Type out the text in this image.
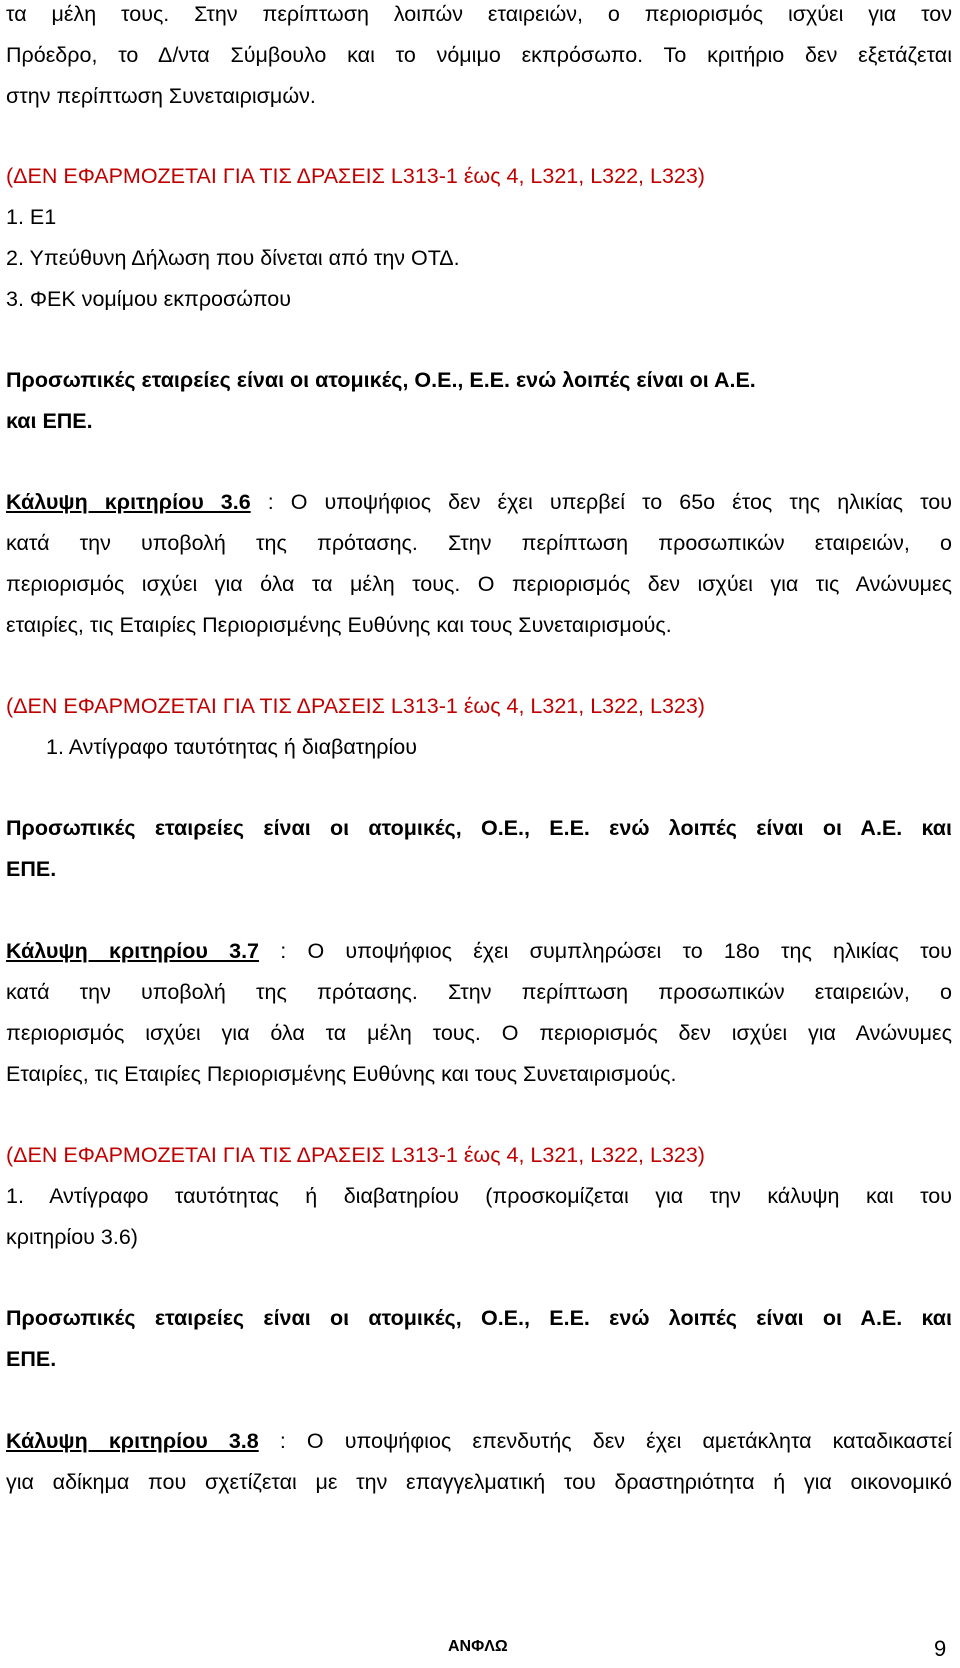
τα μέλη τους. Στην περίπτωση λοιπών εταιρειών, ο περιορισμός ισχύει για τον
Πρόεδρο, το Δ/ντα Σύμβουλο και το νόμιμο εκπρόσωπο. Το κριτήριο δεν εξετάζεται
στην περίπτωση Συνεταιρισμών.
(ΔΕΝ ΕΦΑΡΜΟΖΕΤΑΙ ΓΙΑ ΤΙΣ ΔΡΑΣΕΙΣ L313-1 έως 4, L321, L322, L323)
1. Ε1
2. Υπεύθυνη Δήλωση που δίνεται από την ΟΤΔ.
3. ΦΕΚ νομίμου εκπροσώπου
Προσωπικές εταιρείες είναι οι ατομικές, Ο.Ε., Ε.Ε. ενώ λοιπές είναι οι Α.Ε.
και ΕΠΕ.
Κάλυψη κριτηρίου 3.6 : Ο υποψήφιος δεν έχει υπερβεί το 65ο έτος της ηλικίας του
κατά την υποβολή της πρότασης. Στην περίπτωση προσωπικών εταιρειών, ο
περιορισμός ισχύει για όλα τα μέλη τους. Ο περιορισμός δεν ισχύει για τις Ανώνυμες
εταιρίες, τις Εταιρίες Περιορισμένης Ευθύνης και τους Συνεταιρισμούς.
(ΔΕΝ ΕΦΑΡΜΟΖΕΤΑΙ ΓΙΑ ΤΙΣ ΔΡΑΣΕΙΣ L313-1 έως 4, L321, L322, L323)
1. Αντίγραφο ταυτότητας ή διαβατηρίου
Προσωπικές εταιρείες είναι οι ατομικές, Ο.Ε., Ε.Ε. ενώ λοιπές είναι οι Α.Ε. και
ΕΠΕ.
Κάλυψη κριτηρίου 3.7 : Ο υποψήφιος έχει συμπληρώσει το 18ο της ηλικίας του
κατά την υποβολή της πρότασης. Στην περίπτωση προσωπικών εταιρειών, ο
περιορισμός ισχύει για όλα τα μέλη τους. Ο περιορισμός δεν ισχύει για Ανώνυμες
Εταιρίες, τις Εταιρίες Περιορισμένης Ευθύνης και τους Συνεταιρισμούς.
(ΔΕΝ ΕΦΑΡΜΟΖΕΤΑΙ ΓΙΑ ΤΙΣ ΔΡΑΣΕΙΣ L313-1 έως 4, L321, L322, L323)
1. Αντίγραφο ταυτότητας ή διαβατηρίου (προσκομίζεται για την κάλυψη και του
κριτηρίου 3.6)
Προσωπικές εταιρείες είναι οι ατομικές, Ο.Ε., Ε.Ε. ενώ λοιπές είναι οι Α.Ε. και
ΕΠΕ.
Κάλυψη κριτηρίου 3.8 : Ο υποψήφιος επενδυτής δεν έχει αμετάκλητα καταδικαστεί
για αδίκημα που σχετίζεται με την επαγγελματική του δραστηριότητα ή για οικονομικό
ΑΝΦΛΩ	9
